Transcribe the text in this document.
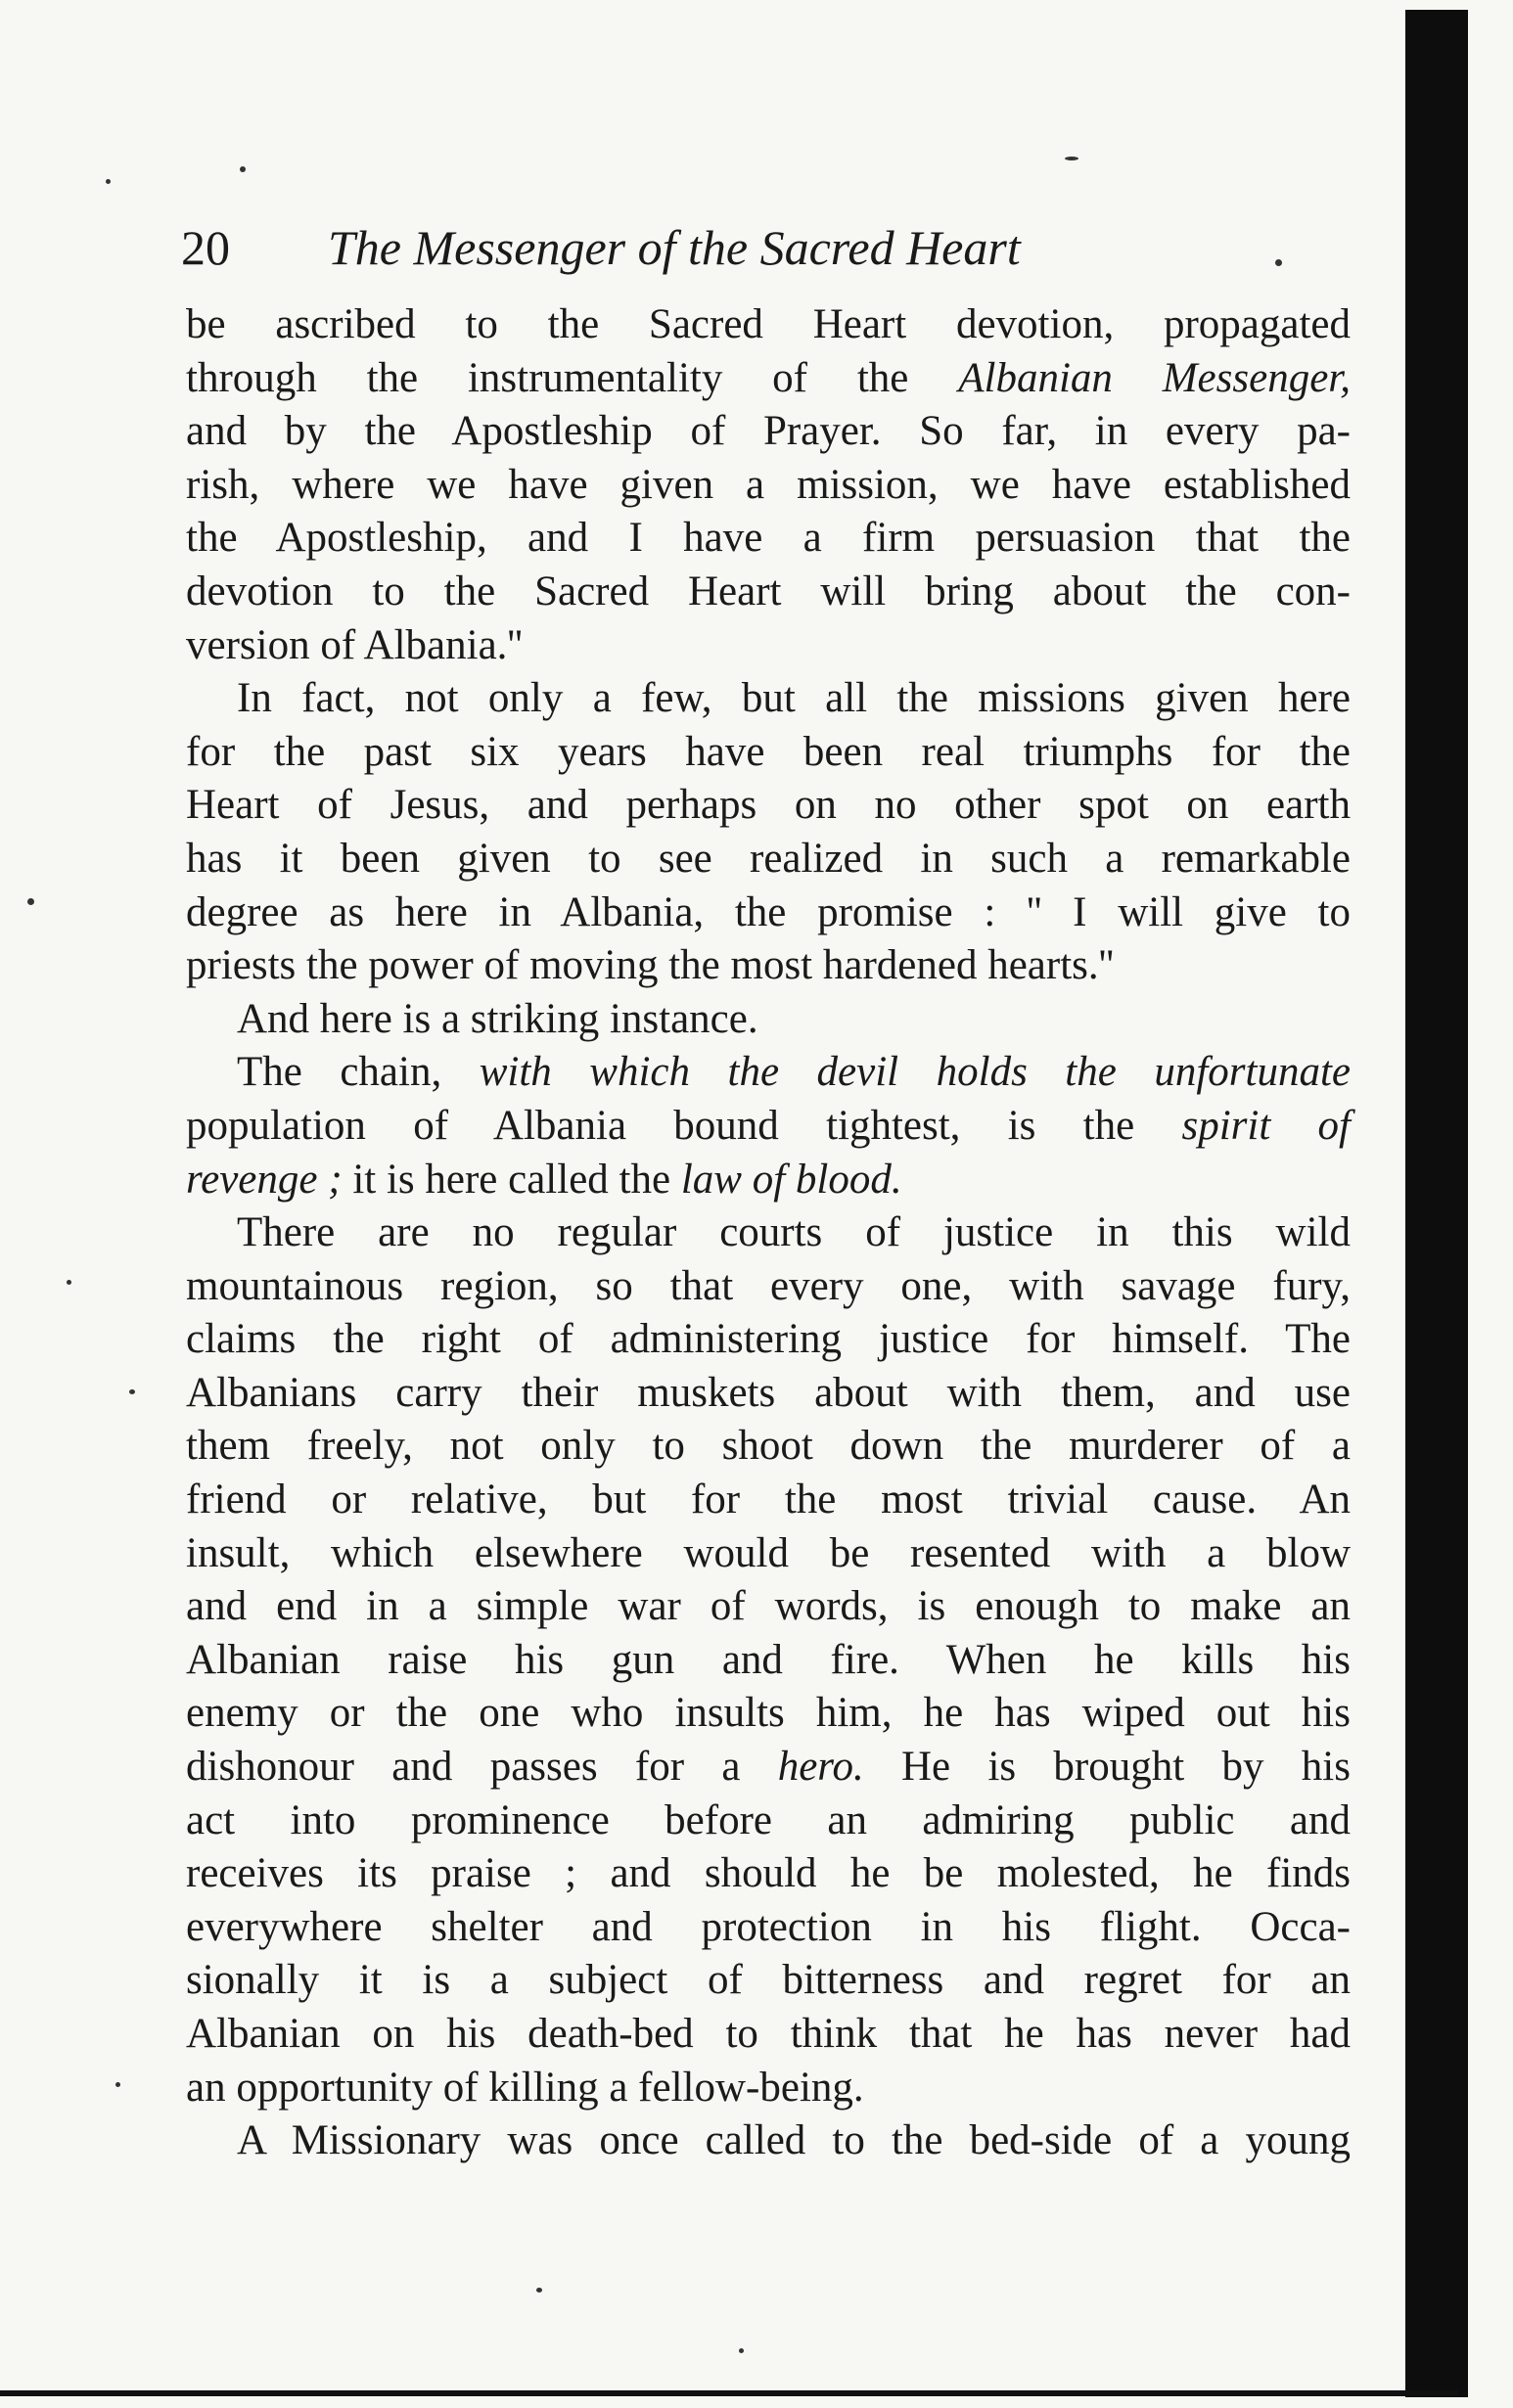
20 The Messenger of the Sacred Heart
be ascribed to the Sacred Heart devotion, propagated
through the instrumentality of the Albanian Messenger,
and by the Apostleship of Prayer. So far, in every pa-
rish, where we have given a mission, we have established
the Apostleship, and I have a firm persuasion that the
devotion to the Sacred Heart will bring about the con-
version of Albania.''
In fact, not only a few, but all the missions given here
for the past six years have been real triumphs for the
Heart of Jesus, and perhaps on no other spot on earth
has it been given to see realized in such a remarkable
degree as here in Albania, the promise : '' I will give to
priests the power of moving the most hardened hearts.''
And here is a striking instance.
The chain, with which the devil holds the unfortunate
population of Albania bound tightest, is the spirit of
revenge ; it is here called the law of blood.
There are no regular courts of justice in this wild
mountainous region, so that every one, with savage fury,
claims the right of administering justice for himself. The
Albanians carry their muskets about with them, and use
them freely, not only to shoot down the murderer of a
friend or relative, but for the most trivial cause. An
insult, which elsewhere would be resented with a blow
and end in a simple war of words, is enough to make an
Albanian raise his gun and fire. When he kills his
enemy or the one who insults him, he has wiped out his
dishonour and passes for a hero. He is brought by his
act into prominence before an admiring public and
receives its praise ; and should he be molested, he finds
everywhere shelter and protection in his flight. Occa-
sionally it is a subject of bitterness and regret for an
Albanian on his death-bed to think that he has never had
an opportunity of killing a fellow-being.
A Missionary was once called to the bed-side of a young
